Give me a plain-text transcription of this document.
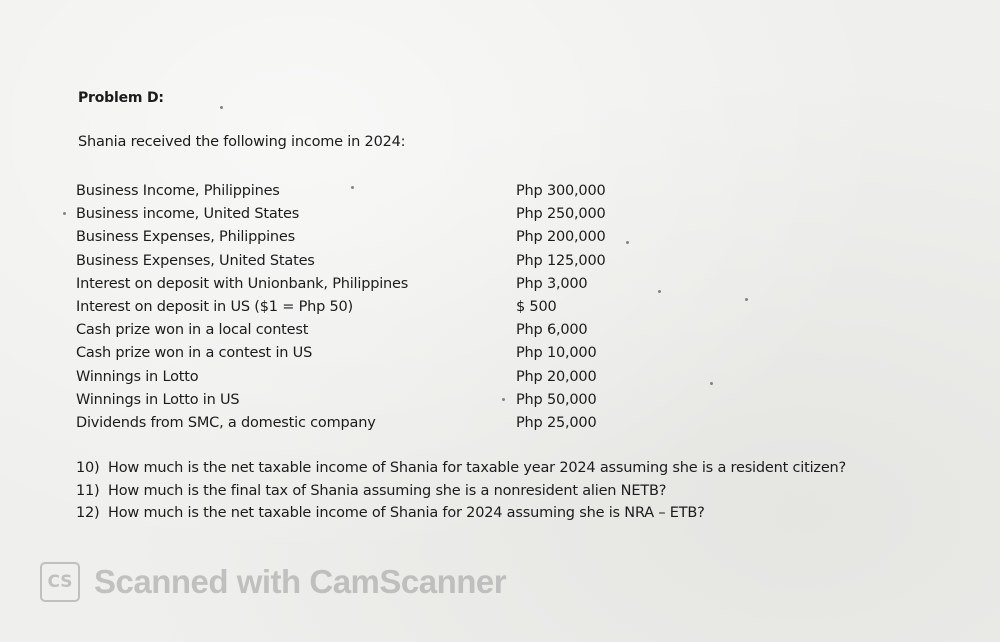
Problem D:
Shania received the following income in 2024:
Business Income, Philippines	Php 300,000
Business income, United States	Php 250,000
Business Expenses, Philippines	Php 200,000
Business Expenses, United States	Php 125,000
Interest on deposit with Unionbank, Philippines	Php 3,000
Interest on deposit in US ($1 = Php 50)	$ 500
Cash prize won in a local contest	Php 6,000
Cash prize won in a contest in US	Php 10,000
Winnings in Lotto	Php 20,000
Winnings in Lotto in US	Php 50,000
Dividends from SMC, a domestic company	Php 25,000
10) How much is the net taxable income of Shania for taxable year 2024 assuming she is a resident citizen?
11) How much is the final tax of Shania assuming she is a nonresident alien NETB?
12) How much is the net taxable income of Shania for 2024 assuming she is NRA – ETB?
CS Scanned with CamScanner
